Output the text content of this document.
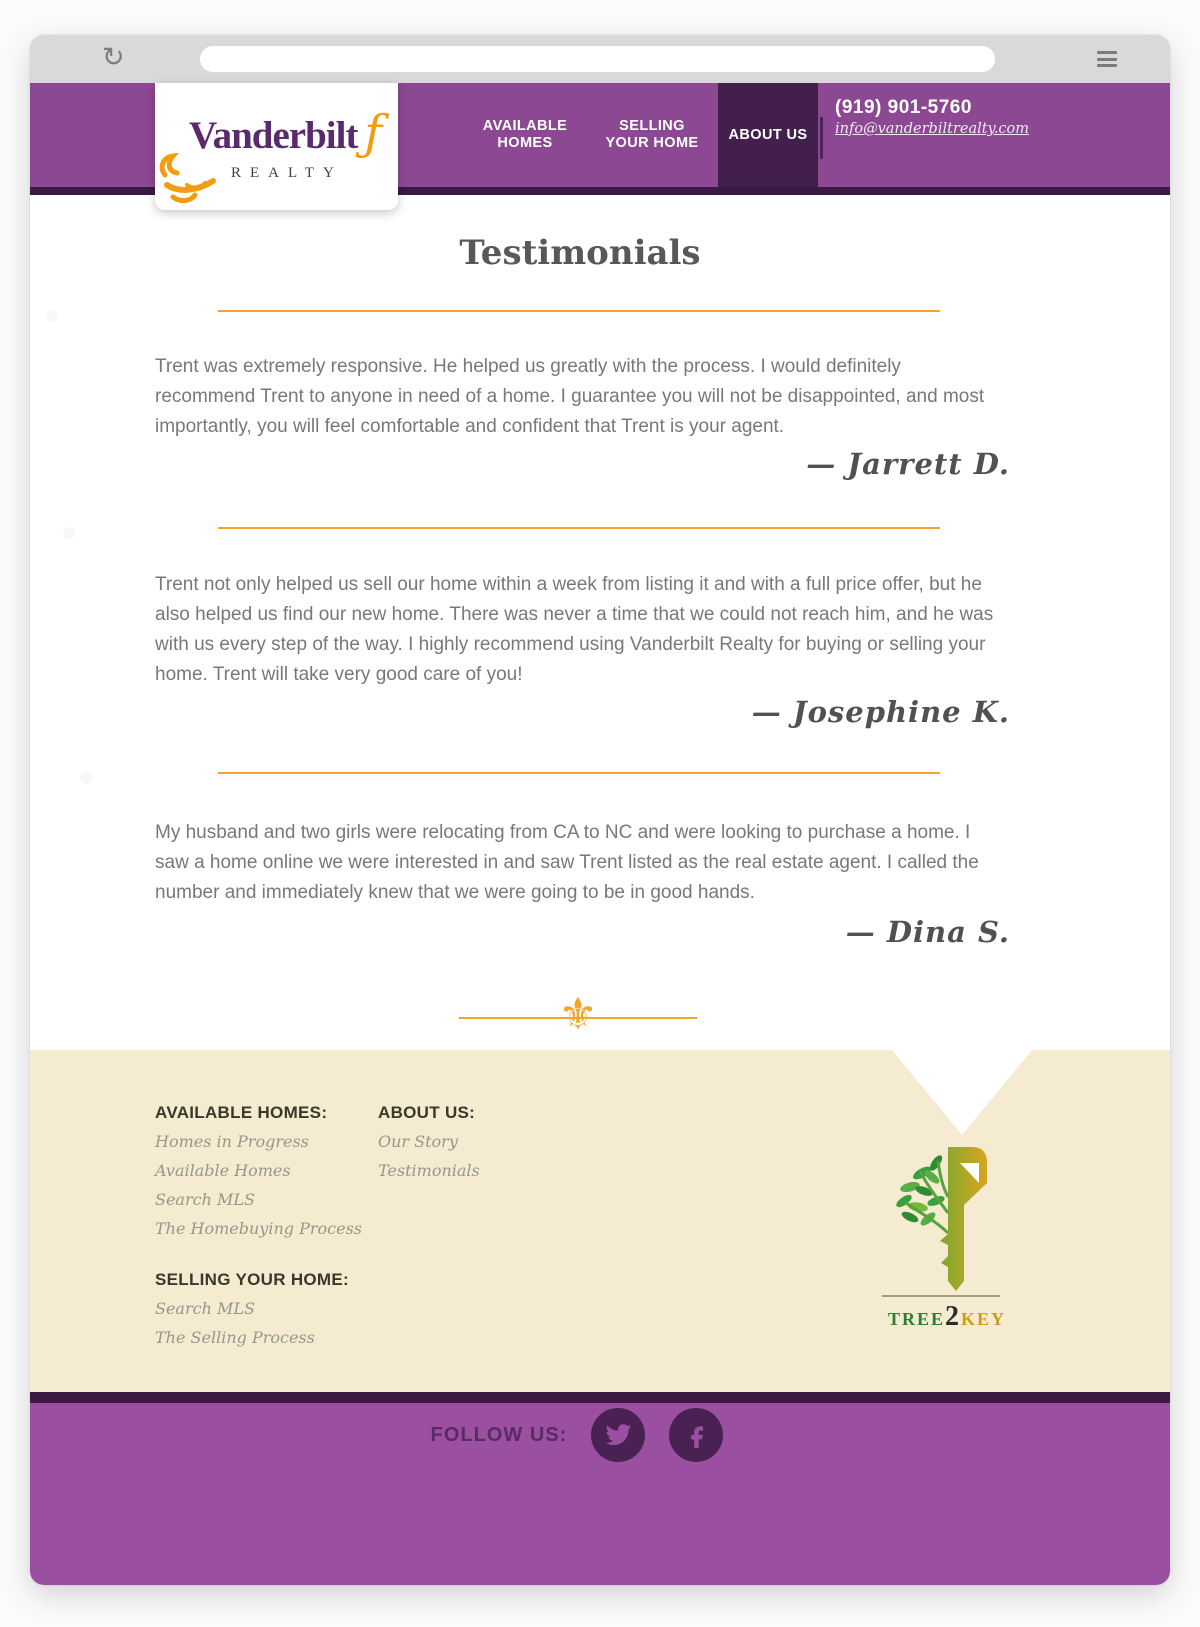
↻
Vanderbilt ƒ
REALTY
AVAILABLE
HOMES
SELLING
YOUR HOME
ABOUT US
(919) 901-5760
info@vanderbiltrealty.com
Testimonials

Trent was extremely responsive. He helped us greatly with the process. I would definitely recommend Trent to anyone in need of a home. I guarantee you will not be disappointed, and most importantly, you will feel comfortable and confident that Trent is your agent.

— Jarrett D.

Trent not only helped us sell our home within a week from listing it and with a full price offer, but he also helped us find our new home. There was never a time that we could not reach him, and he was with us every step of the way. I highly recommend using Vanderbilt Realty for buying or selling your home. Trent will take very good care of you!

— Josephine K.

My husband and two girls were relocating from CA to NC and were looking to purchase a home. I saw a home online we were interested in and saw Trent listed as the real estate agent. I called the number and immediately knew that we were going to be in good hands.

— Dina S.
⚜
AVAILABLE HOMES:
Homes in Progress
Available Homes
Search MLS
The Homebuying Process
ABOUT US:
Our Story
Testimonials
SELLING YOUR HOME:
Search MLS
The Selling Process
TREE2KEY
FOLLOW US:
